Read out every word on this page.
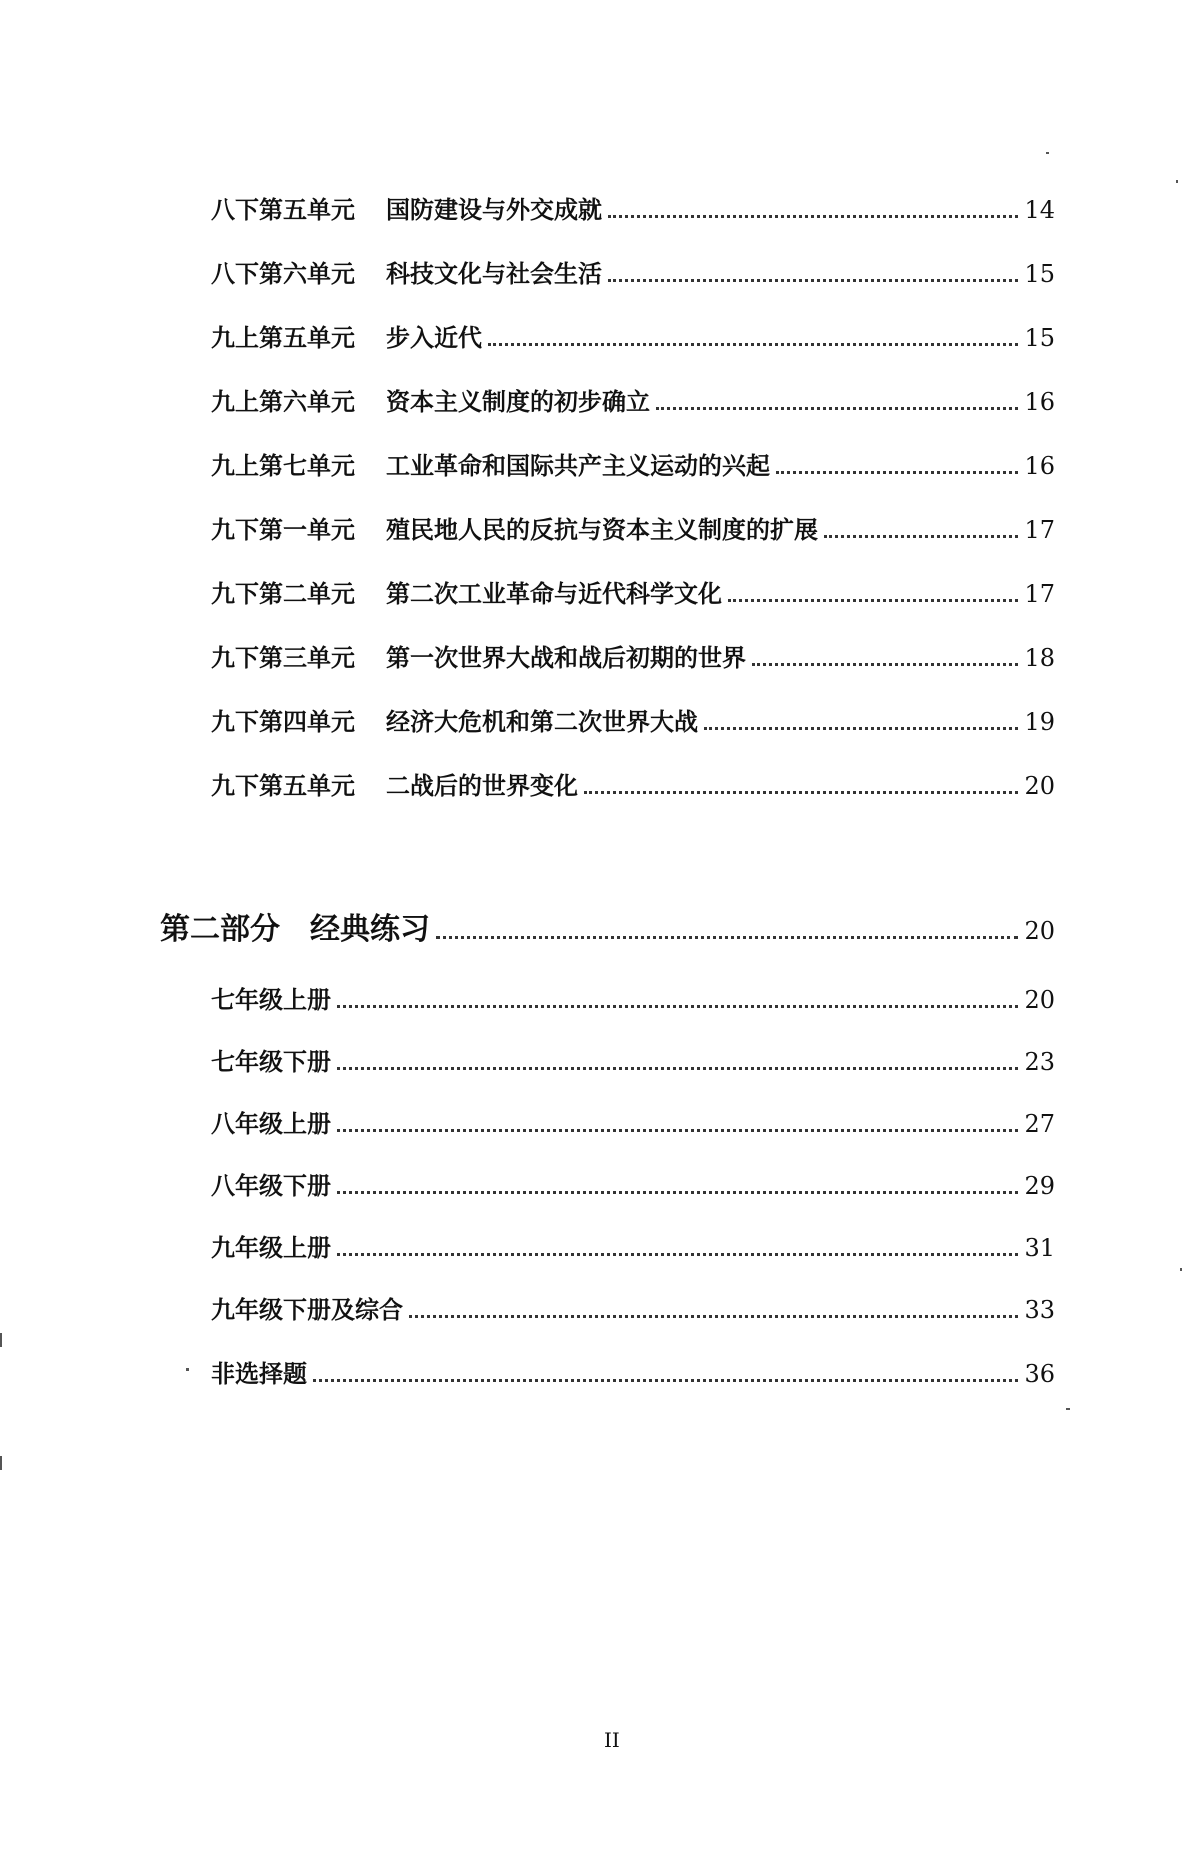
八下第五单元	国防建设与外交成就	14
八下第六单元	科技文化与社会生活	15
九上第五单元	步入近代	15
九上第六单元	资本主义制度的初步确立	16
九上第七单元	工业革命和国际共产主义运动的兴起	16
九下第一单元	殖民地人民的反抗与资本主义制度的扩展	17
九下第二单元	第二次工业革命与近代科学文化	17
九下第三单元	第一次世界大战和战后初期的世界	18
九下第四单元	经济大危机和第二次世界大战	19
九下第五单元	二战后的世界变化	20
第二部分 经典练习	20
七年级上册	20
七年级下册	23
八年级上册	27
八年级下册	29
九年级上册	31
九年级下册及综合	33
非选择题	36
II
